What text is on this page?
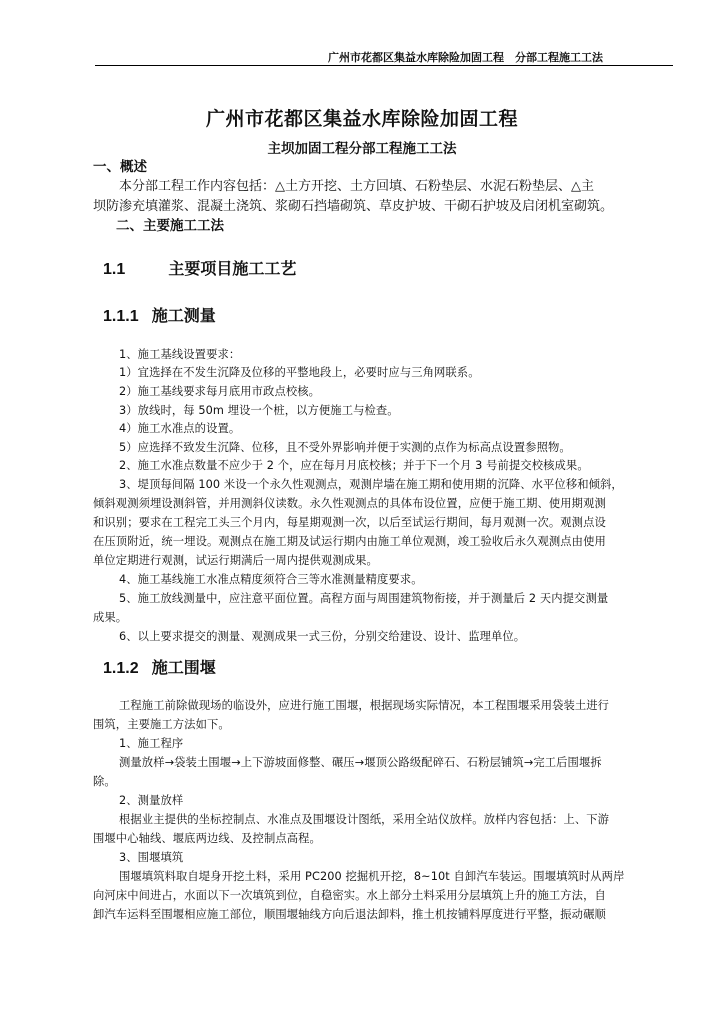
广州市花都区集益水库除险加固工程　分部工程施工工法
广州市花都区集益水库除险加固工程
主坝加固工程分部工程施工工法
一、概述
本分部工程工作内容包括：△土方开挖、土方回填、石粉垫层、水泥石粉垫层、△主
坝防渗充填灌浆、混凝土浇筑、浆砌石挡墙砌筑、草皮护坡、干砌石护坡及启闭机室砌筑。
二、主要施工工法
1.1	主要项目施工工艺
1.1.1 施工测量
1、施工基线设置要求：
1）宜选择在不发生沉降及位移的平整地段上，必要时应与三角网联系。
2）施工基线要求每月底用市政点校核。
3）放线时，每 50m 埋设一个桩，以方便施工与检查。
4）施工水准点的设置。
5）应选择不致发生沉降、位移，且不受外界影响并便于实测的点作为标高点设置参照物。
2、施工水准点数量不应少于 2 个，应在每月月底校核；并于下一个月 3 号前提交校核成果。
3、堤顶每间隔 100 米设一个永久性观测点，观测岸墙在施工期和使用期的沉降、水平位移和倾斜，
倾斜观测须埋设测斜管，并用测斜仪读数。永久性观测点的具体布设位置，应便于施工期、使用期观测
和识别；要求在工程完工头三个月内，每星期观测一次，以后至试运行期间，每月观测一次。观测点设
在压顶附近，统一埋设。观测点在施工期及试运行期内由施工单位观测，竣工验收后永久观测点由使用
单位定期进行观测，试运行期满后一周内提供观测成果。
4、施工基线施工水准点精度须符合三等水准测量精度要求。
5、施工放线测量中，应注意平面位置。高程方面与周围建筑物衔接，并于测量后 2 天内提交测量
成果。
6、以上要求提交的测量、观测成果一式三份，分别交给建设、设计、监理单位。
1.1.2 施工围堰
工程施工前除做现场的临设外，应进行施工围堰，根据现场实际情况，本工程围堰采用袋装土进行
围筑，主要施工方法如下。
1、施工程序
测量放样→袋装土围堰→上下游坡面修整、碾压→堰顶公路级配碎石、石粉层铺筑→完工后围堰拆
除。
2、测量放样
根据业主提供的坐标控制点、水准点及围堰设计图纸，采用全站仪放样。放样内容包括：上、下游
围堰中心轴线、堰底两边线、及控制点高程。
3、围堰填筑
围堰填筑料取自堤身开挖土料，采用 PC200 挖掘机开挖，8~10t 自卸汽车装运。围堰填筑时从两岸
向河床中间进占，水面以下一次填筑到位，自稳密实。水上部分土料采用分层填筑上升的施工方法，自
卸汽车运料至围堰相应施工部位，顺围堰轴线方向后退法卸料，推土机按铺料厚度进行平整，振动碾顺
